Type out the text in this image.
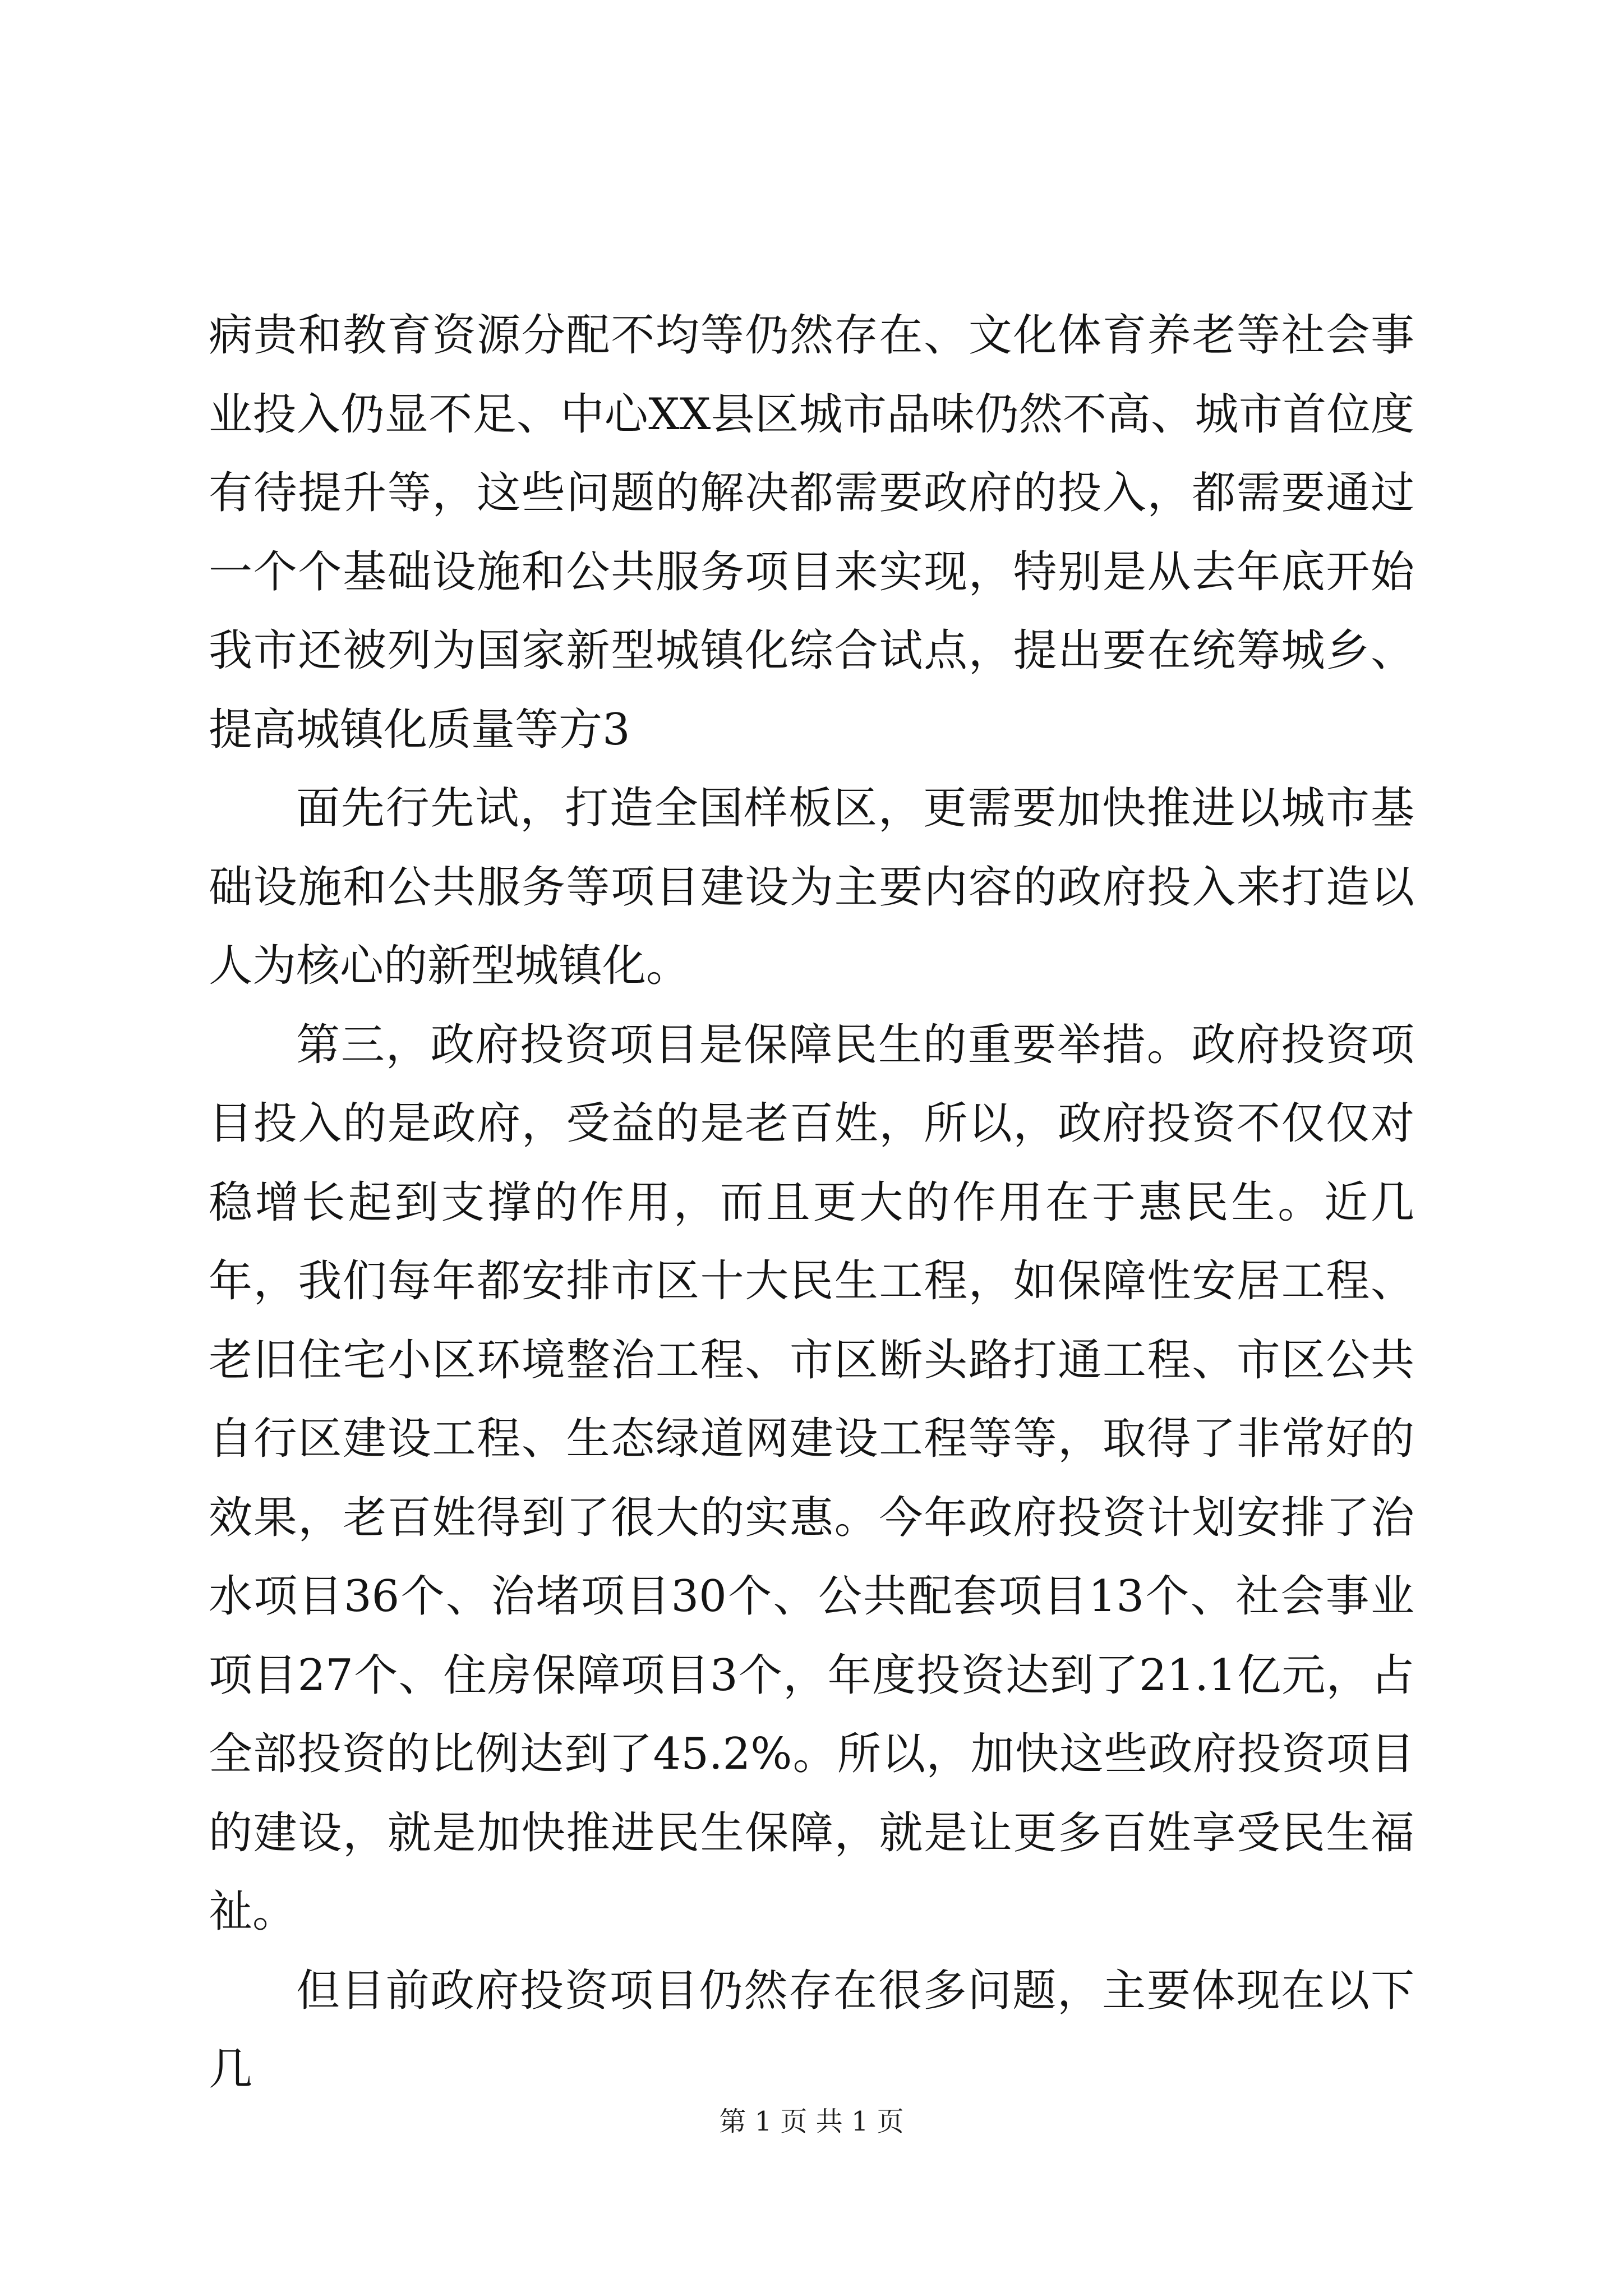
病贵和教育资源分配不均等仍然存在、文化体育养老等社会事业投入仍显不足、中心XX县区城市品味仍然不高、城市首位度有待提升等，这些问题的解决都需要政府的投入，都需要通过一个个基础设施和公共服务项目来实现，特别是从去年底开始我市还被列为国家新型城镇化综合试点，提出要在统筹城乡、提高城镇化质量等方3

面先行先试，打造全国样板区，更需要加快推进以城市基础设施和公共服务等项目建设为主要内容的政府投入来打造以人为核心的新型城镇化。

第三，政府投资项目是保障民生的重要举措。政府投资项目投入的是政府，受益的是老百姓，所以，政府投资不仅仅对稳增长起到支撑的作用，而且更大的作用在于惠民生。近几年，我们每年都安排市区十大民生工程，如保障性安居工程、老旧住宅小区环境整治工程、市区断头路打通工程、市区公共自行区建设工程、生态绿道网建设工程等等，取得了非常好的效果，老百姓得到了很大的实惠。今年政府投资计划安排了治水项目36个、治堵项目30个、公共配套项目13个、社会事业项目27个、住房保障项目3个，年度投资达到了21.1亿元，占全部投资的比例达到了45.2%。所以，加快这些政府投资项目的建设，就是加快推进民生保障，就是让更多百姓享受民生福祉。

但目前政府投资项目仍然存在很多问题，主要体现在以下几

第 1 页 共 1 页
